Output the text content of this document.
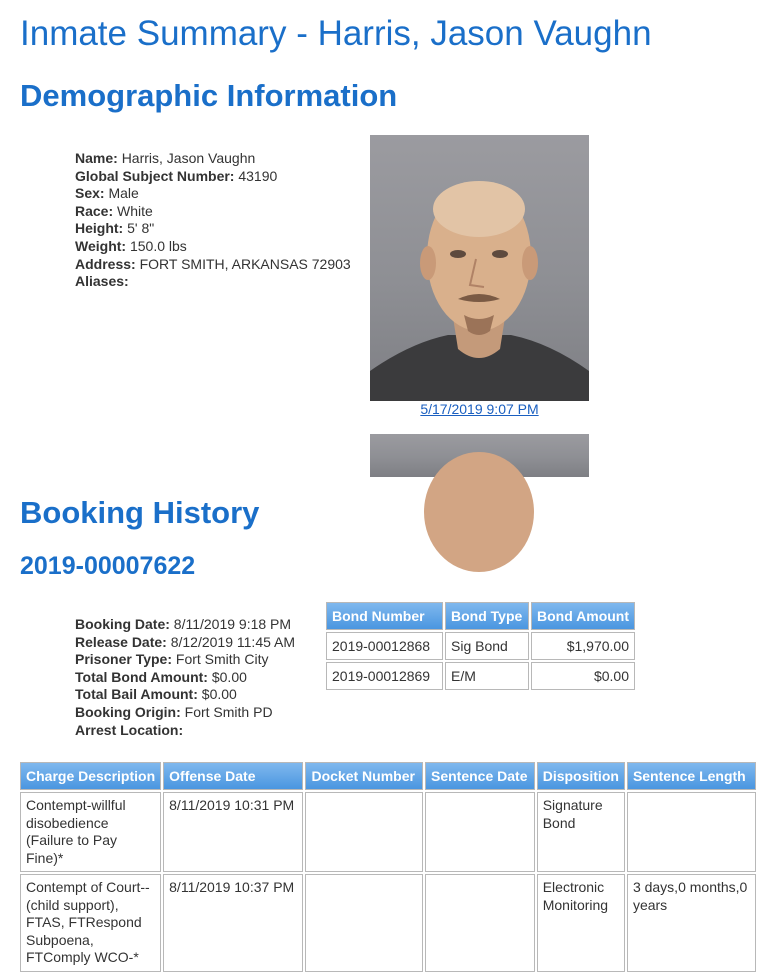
Inmate Summary - Harris, Jason Vaughn
Demographic Information
Name: Harris, Jason Vaughn
Global Subject Number: 43190
Sex: Male
Race: White
Height: 5' 8"
Weight: 150.0 lbs
Address: FORT SMITH, ARKANSAS 72903
Aliases:
5/17/2019 9:07 PM
Booking History
2019-00007622
Booking Date: 8/11/2019 9:18 PM
Release Date: 8/12/2019 11:45 AM
Prisoner Type: Fort Smith City
Total Bond Amount: $0.00
Total Bail Amount: $0.00
Booking Origin: Fort Smith PD
Arrest Location:
Bond Number	Bond Type	Bond Amount
2019-00012868	Sig Bond	$1,970.00
2019-00012869	E/M	$0.00
Charge Description	Offense Date	Docket Number	Sentence Date	Disposition	Sentence Length
Contempt-willful disobedience (Failure to Pay Fine)*	8/11/2019 10:31 PM			Signature Bond	
Contempt of Court--(child support), FTAS, FTRespond Subpoena, FTComply WCO-*	8/11/2019 10:37 PM			Electronic Monitoring	3 days,0 months,0 years
